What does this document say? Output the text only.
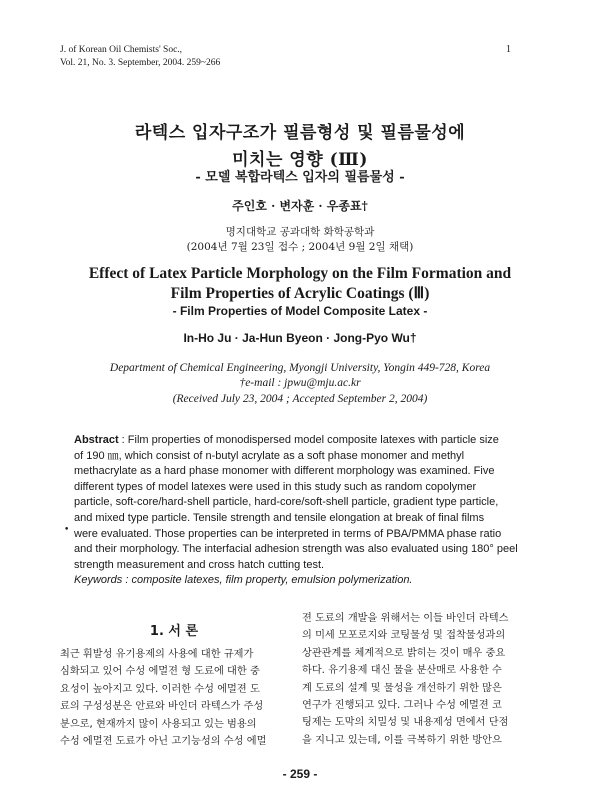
J. of Korean Oil Chemists' Soc.,
Vol. 21, No. 3. September, 2004. 259~266
1
라텍스 입자구조가 필름형성 및 필름물성에
미치는 영향 (Ⅲ)
- 모델 복합라텍스 입자의 필름물성 -
주인호 · 변자훈 · 우종표†
명지대학교 공과대학 화학공학과
(2004년 7월 23일 접수 ; 2004년 9월 2일 채택)
Effect of Latex Particle Morphology on the Film Formation and
Film Properties of Acrylic Coatings (Ⅲ)
- Film Properties of Model Composite Latex -
In-Ho Ju · Ja-Hun Byeon · Jong-Pyo Wu†
Department of Chemical Engineering, Myongji University, Yongin 449-728, Korea
†e-mail : jpwu@mju.ac.kr
(Received July 23, 2004 ; Accepted September 2, 2004)
Abstract : Film properties of monodispersed model composite latexes with particle size
of 190 ㎚, which consist of n-butyl acrylate as a soft phase monomer and methyl
methacrylate as a hard phase monomer with different morphology was examined. Five
different types of model latexes were used in this study such as random copolymer
particle, soft-core/hard-shell particle, hard-core/soft-shell particle, gradient type particle,
and mixed type particle. Tensile strength and tensile elongation at break of final films
were evaluated. Those properties can be interpreted in terms of PBA/PMMA phase ratio
and their morphology. The interfacial adhesion strength was also evaluated using 180° peel
strength measurement and cross hatch cutting test.
•
Keywords : composite latexes, film property, emulsion polymerization.
1. 서 론
최근 휘발성 유기용제의 사용에 대한 규제가
심화되고 있어 수성 에멀젼 형 도료에 대한 중
요성이 높아지고 있다. 이러한 수성 에멀젼 도
료의 구성성분은 안료와 바인더 라텍스가 주성
분으로, 현재까지 많이 사용되고 있는 범용의
수성 에멀젼 도료가 아닌 고기능성의 수성 에멀
젼 도료의 개발을 위해서는 이들 바인더 라텍스
의 미세 모포로지와 코팅물성 및 접착물성과의
상관관계를 체계적으로 밝히는 것이 매우 중요
하다. 유기용제 대신 물을 분산매로 사용한 수
계 도료의 설계 및 물성을 개선하기 위한 많은
연구가 진행되고 있다. 그러나 수성 에멀젼 코
팅제는 도막의 치밀성 및 내용제성 면에서 단점
을 지니고 있는데, 이를 극복하기 위한 방안으
- 259 -
